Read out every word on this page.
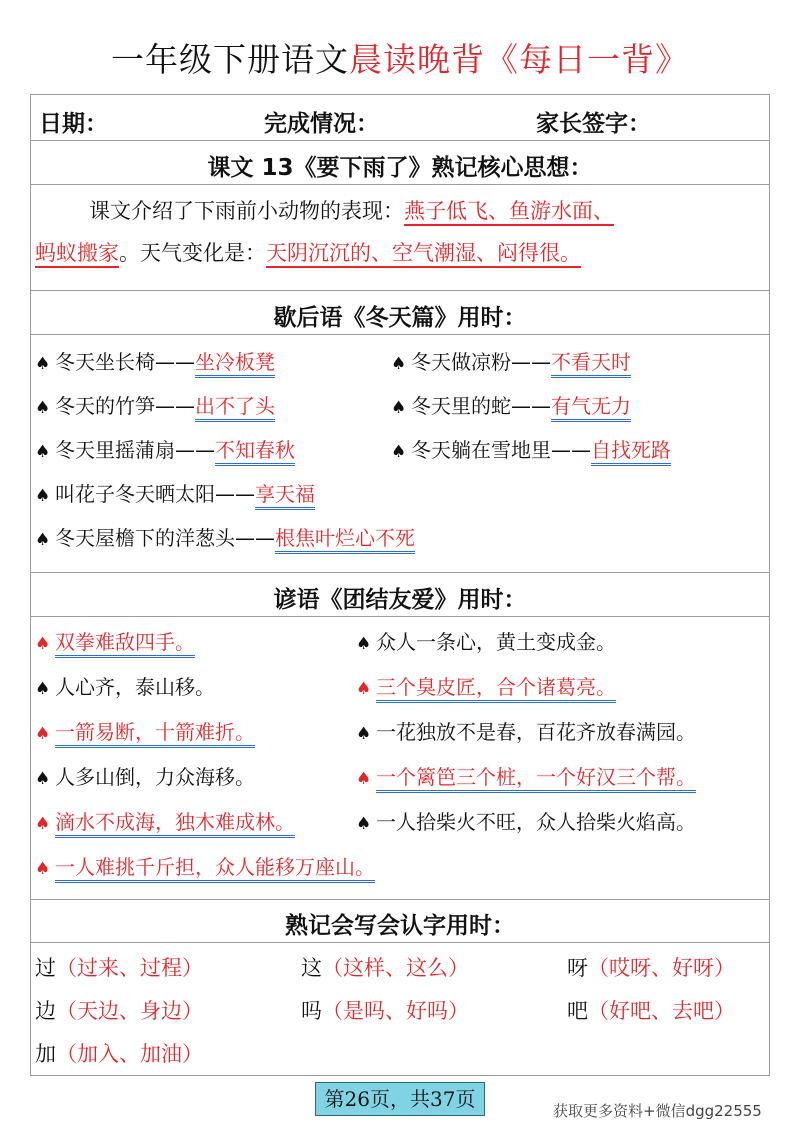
一年级下册语文晨读晚背《每日一背》
日期：	完成情况：	家长签字：
课文 13《要下雨了》熟记核心思想：
课文介绍了下雨前小动物的表现：燕子低飞、鱼游水面、
蚂蚁搬家。天气变化是：天阴沉沉的、空气潮湿、闷得很。
歇后语《冬天篇》用时：
♠ 冬天坐长椅——坐冷板凳	♠ 冬天做凉粉——不看天时
♠ 冬天的竹笋——出不了头	♠ 冬天里的蛇——有气无力
♠ 冬天里摇蒲扇——不知春秋	♠ 冬天躺在雪地里——自找死路
♠ 叫花子冬天晒太阳——享天福
♠ 冬天屋檐下的洋葱头——根焦叶烂心不死
谚语《团结友爱》用时：
♠ 双拳难敌四手。	♠ 众人一条心，黄土变成金。
♠ 人心齐，泰山移。	♠ 三个臭皮匠，合个诸葛亮。
♠ 一箭易断，十箭难折。	♠ 一花独放不是春，百花齐放春满园。
♠ 人多山倒，力众海移。	♠ 一个篱笆三个桩，一个好汉三个帮。
♠ 滴水不成海，独木难成林。	♠ 一人拾柴火不旺，众人拾柴火焰高。
♠ 一人难挑千斤担，众人能移万座山。
熟记会写会认字用时：
过（过来、过程）	这（这样、这么）	呀（哎呀、好呀）
边（天边、身边）	吗（是吗、好吗）	吧（好吧、去吧）
加（加入、加油）
第26页，共37页	获取更多资料+微信dgg22555
